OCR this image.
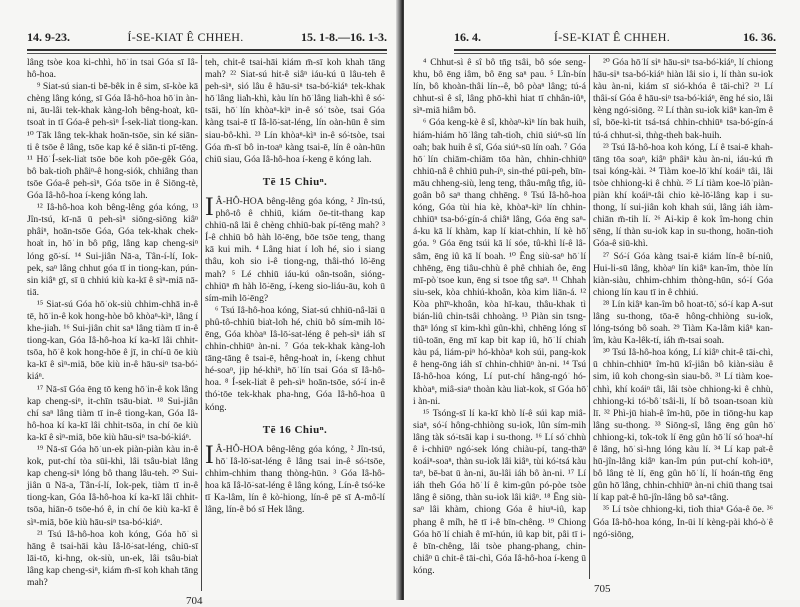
14. 9-23.	Í-SE-KIAT Ê CHHEH.	15. 1-8.—16. 1-3.

lâng tsòe koa ki-chhì, hō͘ in tsai Góa sī Iâ-hô-hoa.

⁹ Siat-sú sian-ti bē-bêk in ê sim, sī-kòe kā chèng lâng kóng, sī Góa Iâ-hô-hoa hō͘ in àn-ni, āu-lâi tek-khak kàng-lo̍h bêng-hoa̍t, kū-tsoa̍t in tī Góa-ê peh-sìⁿ Í-sek-lia̍t tiong-kan. ¹⁰ Tāk lâng tek-khak hoān-tsōe, sin ké siān-ti ê tsōe ê lâng, tsōe kap ké ê siān-ti pī-tēng. ¹¹ Hō͘ Í-sek-lia̍t tsōe bōe koh pōe-gêk Góa, bô bak-tio̍h phâiⁿ-ê hong-siók, chhiâng than tsōe Góa-ê peh-sìⁿ, Góa tsōe in ê Siōng-tè, Góa Iâ-hô-hoa í-keng kóng lah.

¹² Iâ-hô-hoa koh bêng-lêng góa kóng, ¹³ Jîn-tsú, kī-nā ū peh-sìⁿ siōng-siōng kiâⁿ phâiⁿ, hoān-tsōe Góa, Góa tek-khak chek-hoa̍t in, hō͘ in bô pn̄g, lâng kap cheng-siⁿ lóng gō͘-sí. ¹⁴ Sui-jiân Nā-a, Tân-í-lí, Iok-pek, saⁿ lâng chhut góa tī in tiong-kan, pún-sin kiâⁿ gī, sī ū chhiú kiù ka-kī ê sìⁿ-miā nā-tiā.

¹⁵ Siat-sú Góa hō͘ ok-siù chhim-chhā in-ê tē, hō͘ in-ê kok hong-hòe bô khòaⁿ-kìⁿ, lâng í khe-jia̍h. ¹⁶ Sui-jiân chit saⁿ lâng tiàm tī in-ê tiong-kan, Góa Iâ-hô-hoa kí ka-kī lâi chhit-tsōa, hō͘ ê kok hong-hōe ê jī, in chí-ū ōe kiù ka-kī ê sìⁿ-miā, bōe kiù in-ê hāu-siⁿ tsa-bó͘-kiáⁿ.

¹⁷ Nā-sī Góa ēng tō keng hō͘ in-ê kok lâng kap cheng-siⁿ, it-chīn tsāu-bia̍t. ¹⁸ Sui-jiân chí saⁿ lâng tiàm tī in-ê tiong-kan, Góa Iâ-hô-hoa kí ka-kī lâi chhit-tsōa, in chí ōe kiù ka-kī ê sìⁿ-miā, bōe kiù hāu-siⁿ tsa-bó͘-kiáⁿ.

¹⁹ Nā-sī Góa hō͘ un-ek piàn-piàn kàu in-ê kok, put-chí tòa sūi-khì, lâi tsâu-bia̍t lâng kap cheng-siⁿ lóng bô thang lâu-teh. ²⁰ Sui-jiân ū Nā-a, Tân-í-lí, Iok-pek, tiàm tī in-ê tiong-kan, Góa Iâ-hô-hoa kí ka-kī lâi chhit-tsōa, hiān-ō tsōe-hó ê, in chí ōe kiù ka-kī ê sìⁿ-miā, bōe kiù hāu-siⁿ tsa-bó͘-kiáⁿ.

²¹ Tsú Iâ-hô-hoa koh kóng, Góa hō͘ sì hāng ê tsai-hāi kàu Iâ-lō͘-sat-léng, chiū-sī lāi-tō, ki-hng, ok-siù, un-ek, lâi tsâu-bia̍t lâng kap cheng-siⁿ, kiám m̄-sī koh khah tāng mah?

teh, chit-ê tsai-hāi kiám m̄-sī koh khah tāng mah? ²² Siat-sú hit-ê siâⁿ iáu-kú ū lâu-teh ê peh-sìⁿ, sió lâu ê hāu-siⁿ tsa-bó͘-kiáⁿ tek-khak hō͘ lâng lia̍h-khì, kàu lín hō͘ lâng lia̍h-khì ê só͘-tsāi, hō͘ lín khòaⁿ-kìⁿ in-ê só͘ tsòe, tsai Góa kàng tsai-ē tī Iâ-lō͘-sat-léng, lín oàn-hūn ê sim siau-bô-khì. ²³ Lín khòaⁿ-kìⁿ in-ê só͘-tsòe, tsai Góa m̄-sī bô in-toaⁿ kàng tsai-ē, lín ê oàn-hūn chiū siau, Góa Iâ-hô-hoa í-keng ē kóng lah.

Tē 15 Chiuⁿ.

IÂ-HÔ-HOA bêng-lêng góa kóng, ² Jîn-tsú, phô-tô ê chhiū, kiám ōe-tit-thang kap chhiū-nâ lāi ê chèng chhiū-bak pí-tēng mah? ³ Í-ê chhiū bô hàh lō͘-ēng, bōe tsōe teng, thang kā kui mih. ⁴ Lâng hiat í lo̍h hé, sio i siang thâu, koh sio i-ê tiong-ng, thâi-thó lō͘-ēng mah? ⁵ Lé chhiū iáu-kú oân-tsoân, sióng-chhiūⁿ m̄ hàh lō͘-ēng, í-keng sio-liáu-āu, koh ū sím-mih lō͘-ēng?

⁶ Tsú Iâ-hô-hoa kóng, Siat-sú chhiū-nâ-lāi ū phû-tô-chhiū bia̍t-lo̍h hé, chiū bô sím-mih lō͘-ēng, Góa khòaⁿ Iâ-lō͘-sat-léng ê peh-sìⁿ iáh sī chhin-chhiūⁿ àn-ni. ⁷ Góa tek-khak kàng-lo̍h tāng-tāng ê tsai-ē, hêng-hoa̍t in, í-keng chhut hé-soaⁿ, jip hé-khìⁿ, hō͘ lín tsai Góa sī Iâ-hô-hoa. ⁸ Í-sek-lia̍t ê peh-sìⁿ hoān-tsōe, só͘-í in-ê thó͘-tōe tek-khak pha-hng, Góa Iâ-hô-hoa ū kóng.

Tē 16 Chiuⁿ.

IÂ-HÔ-HOA bêng-lêng góa kóng, ² Jîn-tsú, hō͘ Iâ-lō͘-sat-léng ê lâng tsai in-ê só͘-tsōe, chhim-chhim thang thòng-hūn. ³ Góa Iâ-hô-hoa kā Iâ-lō͘-sat-léng ê lâng kóng, Lín-ê tsó͘-ke tī Ka-lâm, lín ê kò͘-hiong, lín-ê pē sī A-mô͘-lí lâng, lín-ê bó sī Hek lâng.

704
16. 4.	Í-SE-KIAT Ê CHHEH.	16. 36.

⁴ Chhut-sì ê sî bô tn̄g tsâi, bô sóe seng-khu, bô ēng iâm, bô ēng saⁿ pau. ⁵ Lîn-bín lín, bô khoàn-thâi lín--ê, bô pòaⁿ lâng; tú-á chhut-sì ê sî, lâng phō-khì hiat tī chhân-iûⁿ, sìⁿ-miā hiâm bô.

⁶ Góa keng-kè ê sî, khòaⁿ-kìⁿ lín bak huih, hiám-hiám hō͘ lâng ta̍h-tio̍h, chiū siúⁿ-sū lín oa̍h; bak huih ê sî, Góa siúⁿ-sū lín oa̍h. ⁷ Góa hō͘ lín chiām-chiām tōa hàn, chhin-chhiūⁿ chhiū-nâ ê chhiū puh-íⁿ, sin-thé pūi-pe̍h, bīn-māu chheng-siù, leng teng, thâu-mn̂g tn̂g, iû-goân bô saⁿ thang chhēng. ⁸ Tsú Iâ-hô-hoa kóng, Góa tùi hia kè, khòaⁿ-kìⁿ lín chhin-chhiūⁿ tsa-bó͘-gín-á chiâⁿ lâng, Góa ēng saⁿ-á-ku kā lí khàm, kap lí kiat-chhin, lí kè hō͘ góa. ⁹ Góa ēng tsúi kā lí sóe, tû-khì lí-ê lâ-sâm, ēng iû kā lí boah. ¹⁰ Ēng siù-saⁿ hō͘ lí chhēng, ēng tiâu-chhù ê phê chhiah ôe, ēng mī-pò͘ tsoe kun, ēng si tsoe tn̂g saⁿ. ¹¹ Chhah siu-sek, kòa chhiú-khoân, kòa kim liān-á. ¹² Kòa phīⁿ-khoân, kòa hī-kau, thâu-khak tì bián-liû chin-tsâi chhoàng. ¹³ Piàn sin tsng-thāⁿ lóng sī kim-khì gûn-khì, chhēng lóng sī tiû-toān, ēng mī kap bit kap iû, hō͘ lí chia̍h kàu pá, liám-piⁿ hó-khòaⁿ koh súi, pang-kok ê heng-ōng iáh sī chhin-chhiūⁿ àn-ni. ¹⁴ Tsú Iâ-hô-hoa kóng, Lí put-chí hâng-ngó͘ hó-khòaⁿ, miâ-siaⁿ thoàn kàu lia̍t-kok, sī Góa hō͘ i àn-ni.

¹⁵ Tsóng-sī lí ka-kī khò lí-ê súi kap miâ-siaⁿ, só͘-í hông-chhiòng su-io̍k, lûn sím-mih lâng tàk só͘-tsāi kap i su-thong. ¹⁶ Lí só͘ chhù ê i-chhiūⁿ ngó͘-sek lóng chiàu-pí, tang-thāⁿ koáiⁿ-soaⁿ, thàn su-io̍k lâi kiâⁿ, tùi kó͘-tsá kàu taⁿ, bē-bat ū àn-ni, āu-lâi iáh bô àn-ni. ¹⁷ Lí iáh the̍h Góa hō͘ lí ê kim-gûn pó-pòe tsòe lâng ê siōng, thàn su-io̍k lâi kiâⁿ. ¹⁸ Ēng siù-saⁿ lâi khàm, chiong Góa ê hiuⁿ-iû, kap phang ê mi̍h, hē tī i-ê bīn-chêng. ¹⁹ Chiong Góa hō͘ lí chia̍h ê mī-hún, iû kap bit, pâi tī i-ê bīn-chêng, lâi tsòe phang-phang, chin-chiâⁿ ū chit-ê tāi-chì, Góa Iâ-hô-hoa í-keng ū kóng.

²⁰ Góa hō͘ lí siⁿ hāu-siⁿ tsa-bó͘-kiáⁿ, lí chiong hāu-siⁿ tsa-bó͘-kiáⁿ hiàn lâi sio i, lí thàn su-io̍k kàu àn-ni, kiám sī sió-khóa ê tāi-chì? ²¹ Lí thâi-sí Góa ê hāu-siⁿ tsa-bó͘-kiáⁿ, ēng hé sio, lâi kèng ngó͘-siōng. ²² Lí thàn su-io̍k kiâⁿ kan-îm ê sî, bōe-kì-tit tsá-tsá chhin-chhiūⁿ tsa-bó͘-gín-á tú-á chhut-sì, thǹg-theh bak-huih.

²³ Tsú Iâ-hô-hoa koh kóng, Lí ê tsai-ē khah-tāng tōa soaⁿ, kiâⁿ phâiⁿ kàu àn-ni, iáu-kú m̄ tsai kóng-kài. ²⁴ Tiàm koe-lō͘ khí koáiⁿ tâi, lâi tsòe chhiong-ki ê chhù. ²⁵ Lí tiàm koe-lō͘ piàn-piàn khí koáiⁿ-tâi chio kè-lō͘-lâng kap i su-thong, lí sui-jiân koh khah súi, lâng iáh iàm-chiān m̄-tih lí. ²⁶ Ai-kip ê kok îm-hong chin sēng, lí thàn su-io̍k kap in su-thong, hoān-tio̍h Góa-ê siū-khì.

²⁷ Só͘-í Góa kàng tsai-ē kiám lín-ê bí-niû, Hui-li-sū lâng, khòaⁿ lín kiâⁿ kan-îm, thòe lín kiàn-siàu, chhim-chhim thòng-hūn, só͘-í Góa chiong lín kau tī in ê chhiú.

²⁸ Lín kiâⁿ kan-îm bô hoat-tō͘, só͘-í kap A-sut lâng su-thong, tōa-ē hông-chhiòng su-io̍k, lóng-tsóng bô soah. ²⁹ Tiàm Ka-lâm kiâⁿ kan-îm, kàu Ka-lêk-tí, iáh m̄-tsai soah.

³⁰ Tsú Iâ-hô-hoa kóng, Lí kiâⁿ chit-ê tāi-chì, ū chhin-chhiūⁿ îm-hū kî-jiân bô kiàn-siàu ê sim, iû koh chong-sìn siau-bô. ³¹ Lí tiàm koe-chhì, khí koáiⁿ tâi, lâi tsòe chhiong-ki ê chhù, chhiong-ki tó͘-bô͘ tsâi-li, lí bô tsoan-tsoan kiù lī. ³² Phì-jū hiah-ê îm-hū, pōe in tiōng-hu kap lâng su-thong. ³³ Siōng-sî, lâng ēng gûn hō͘ chhiong-ki, to̍k-to̍k lí ēng gûn hō͘ lí só͘ hoaⁿ-hí ê lâng, hō͘ sì-hng lóng kàu lí. ³⁴ Lí kap pa̍t-ê hū-jîn-lâng kiâⁿ kan-îm pún put-chí koh-iūⁿ, bô lâng tè lí, ēng gûn hō͘ lí, lí hoán-tn̄g ēng gûn hō͘ lâng, chhin-chhiūⁿ àn-ni chiū thang tsai lí kap pa̍t-ê hū-jîn-lâng bô saⁿ-tâng.

³⁵ Lí tsòe chhiong-ki, tio̍h thiaⁿ Góa-ê ōe. ³⁶ Góa Iâ-hô-hoa kóng, In-ūi lí kèng-pài khó-ò͘ ê ngó͘-siōng,

705
